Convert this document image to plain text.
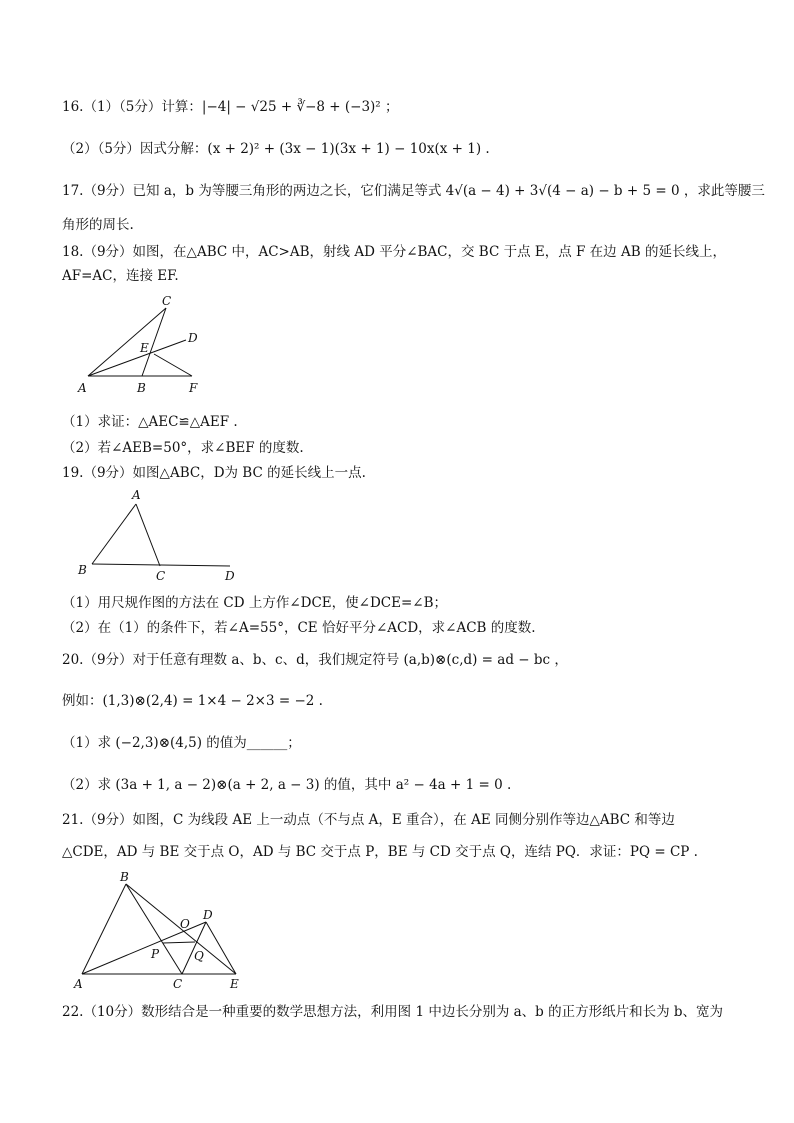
16.（1）（5分）计算：|−4| − √25 + ∛−8 + (−3)² ；
（2）（5分）因式分解：(x + 2)² + (3x − 1)(3x + 1) − 10x(x + 1) .
17.（9分）已知 a，b 为等腰三角形的两边之长，它们满足等式 4√(a − 4) + 3√(4 − a) − b + 5 = 0 ，求此等腰三
角形的周长.
18.（9分）如图，在△ABC 中，AC>AB，射线 AD 平分∠BAC，交 BC 于点 E，点 F 在边 AB 的延长线上，
AF=AC，连接 EF.
C
D
E
A	B	F
（1）求证：△AEC≌△AEF .
（2）若∠AEB=50°，求∠BEF 的度数.
19.（9分）如图△ABC，D为 BC 的延长线上一点.
A
B	C	D
（1）用尺规作图的方法在 CD 上方作∠DCE，使∠DCE=∠B；
（2）在（1）的条件下，若∠A=55°，CE 恰好平分∠ACD，求∠ACB 的度数.
20.（9分）对于任意有理数 a、b、c、d，我们规定符号 (a,b)⊗(c,d) = ad − bc ，
例如：(1,3)⊗(2,4) = 1×4 − 2×3 = −2 .
（1）求 (−2,3)⊗(4,5) 的值为______；
（2）求 (3a + 1, a − 2)⊗(a + 2, a − 3) 的值，其中 a² − 4a + 1 = 0 .
21.（9分）如图，C 为线段 AE 上一动点（不与点 A，E 重合），在 AE 同侧分别作等边△ABC 和等边
△CDE，AD 与 BE 交于点 O，AD 与 BC 交于点 P，BE 与 CD 交于点 Q，连结 PQ．求证：PQ = CP .
B
D
O
P	Q
A	C	E
22.（10分）数形结合是一种重要的数学思想方法，利用图 1 中边长分别为 a、b 的正方形纸片和长为 b、宽为
